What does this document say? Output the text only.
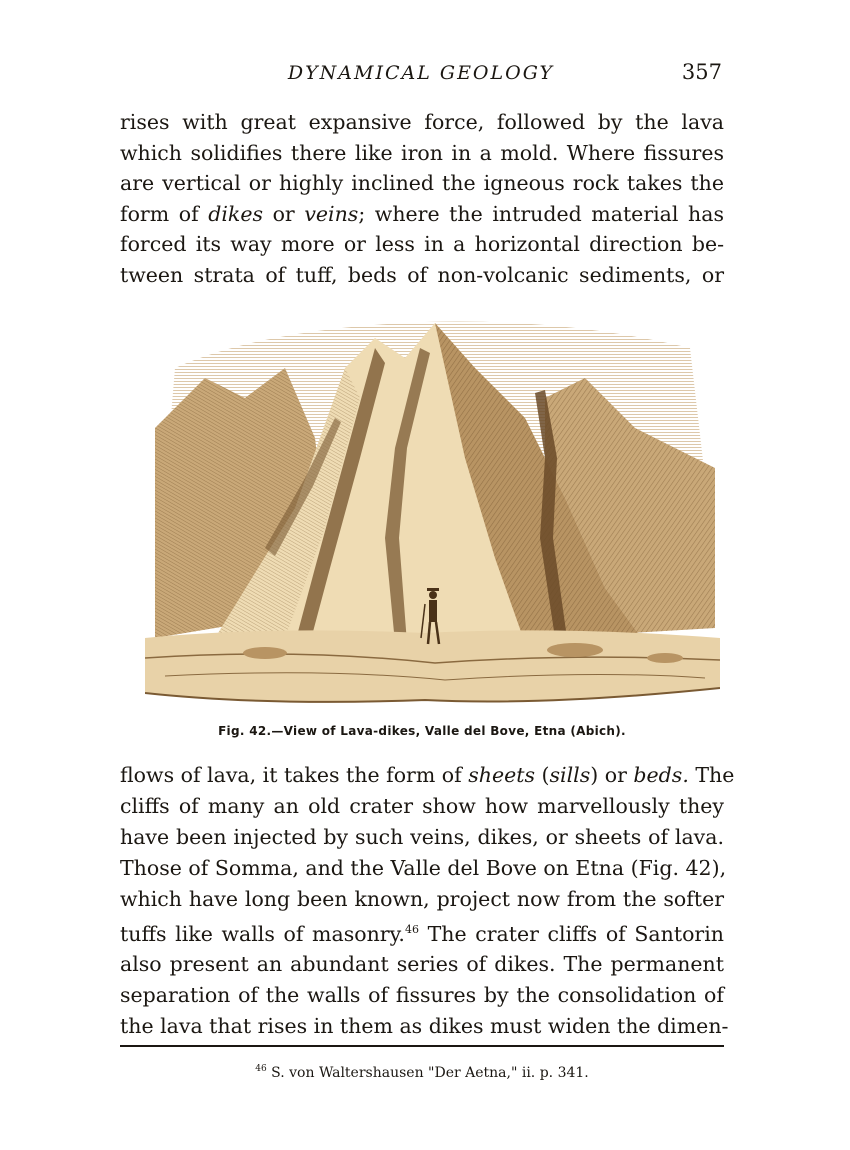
DYNAMICAL GEOLOGY	357

rises with great expansive force, followed by the lava
which solidifies there like iron in a mold. Where fissures
are vertical or highly inclined the igneous rock takes the
form of dikes or veins; where the intruded material has
forced its way more or less in a horizontal direction be-
tween strata of tuff, beds of non-volcanic sediments, or

Fig. 42.—View of Lava-dikes, Valle del Bove, Etna (Abich).

flows of lava, it takes the form of sheets (sills) or beds. The
cliffs of many an old crater show how marvellously they
have been injected by such veins, dikes, or sheets of lava.
Those of Somma, and the Valle del Bove on Etna (Fig. 42),
which have long been known, project now from the softer
tuffs like walls of masonry.$^{46}$ The crater cliffs of Santorin
also present an abundant series of dikes. The permanent
separation of the walls of fissures by the consolidation of
the lava that rises in them as dikes must widen the dimen-

$^{46}$ S. von Waltershausen "Der Aetna," ii. p. 341.
